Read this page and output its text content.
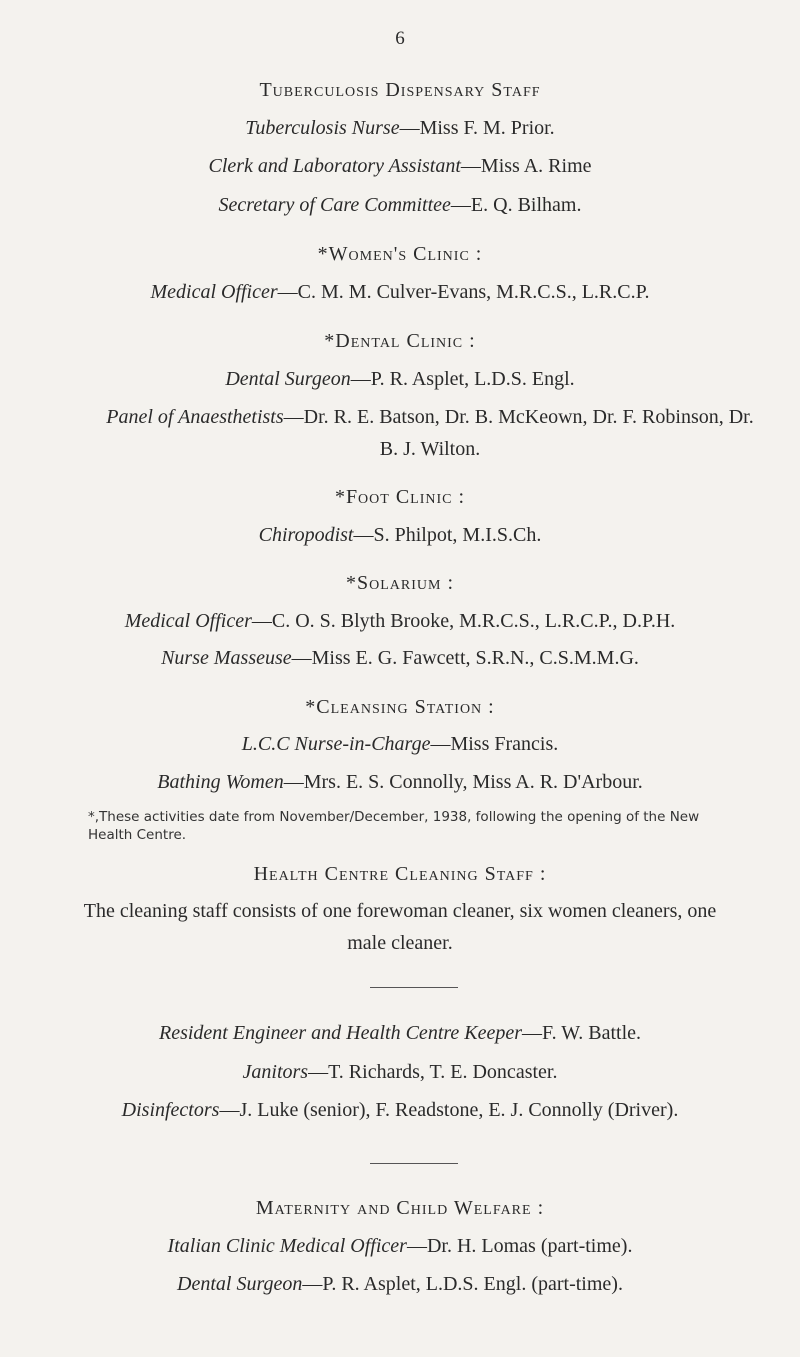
6
Tuberculosis Dispensary Staff
Tuberculosis Nurse—Miss F. M. Prior.
Clerk and Laboratory Assistant—Miss A. Rime
Secretary of Care Committee—E. Q. Bilham.
*Women's Clinic :
Medical Officer—C. M. M. Culver-Evans, M.R.C.S., L.R.C.P.
*Dental Clinic :
Dental Surgeon—P. R. Asplet, L.D.S. Engl.
Panel of Anaesthetists—Dr. R. E. Batson, Dr. B. McKeown, Dr. F. Robinson, Dr. B. J. Wilton.
*Foot Clinic :
Chiropodist—S. Philpot, M.I.S.Ch.
*Solarium :
Medical Officer—C. O. S. Blyth Brooke, M.R.C.S., L.R.C.P., D.P.H.
Nurse Masseuse—Miss E. G. Fawcett, S.R.N., C.S.M.M.G.
*Cleansing Station :
L.C.C Nurse-in-Charge—Miss Francis.
Bathing Women—Mrs. E. S. Connolly, Miss A. R. D'Arbour.
*,These activities date from November/December, 1938, following the opening of the New Health Centre.
Health Centre Cleaning Staff :
The cleaning staff consists of one forewoman cleaner, six women cleaners, one male cleaner.
Resident Engineer and Health Centre Keeper—F. W. Battle.
Janitors—T. Richards, T. E. Doncaster.
Disinfectors—J. Luke (senior), F. Readstone, E. J. Connolly (Driver).
Maternity and Child Welfare :
Italian Clinic Medical Officer—Dr. H. Lomas (part-time).
Dental Surgeon—P. R. Asplet, L.D.S. Engl. (part-time).
